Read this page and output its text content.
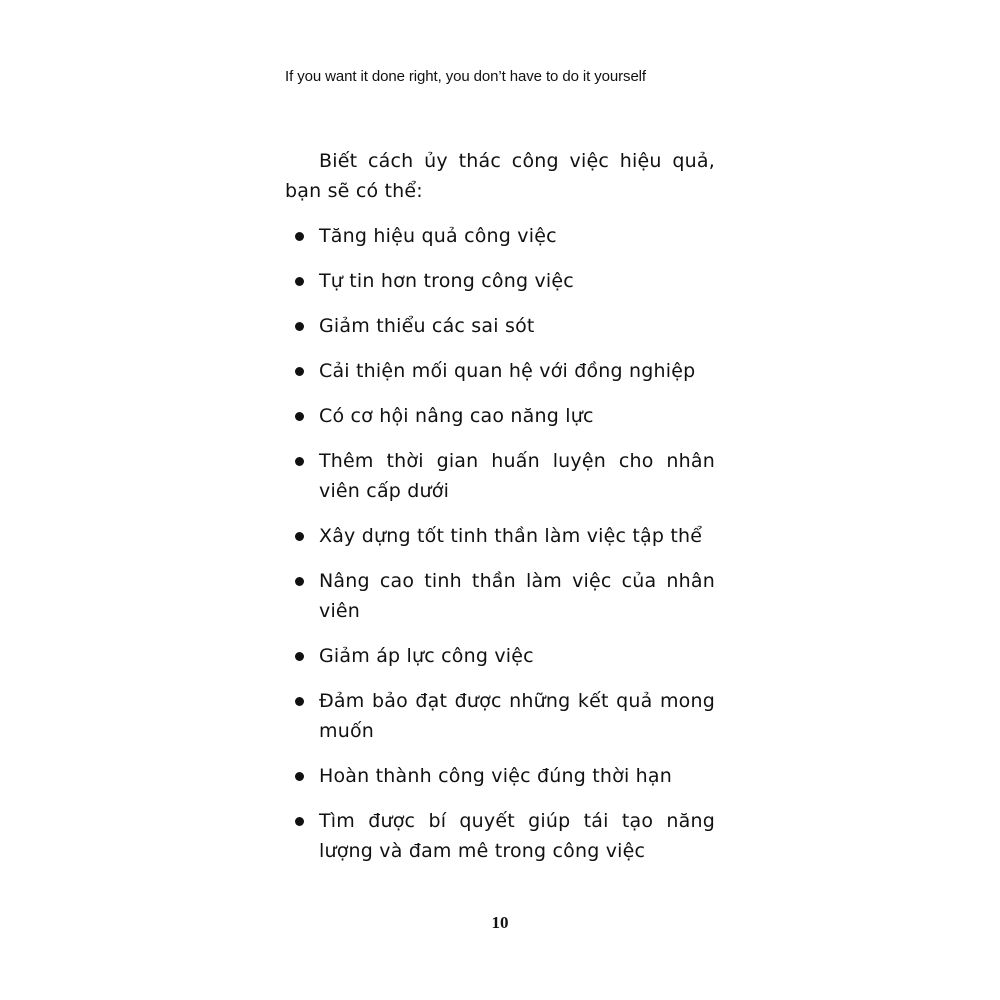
If you want it done right, you don’t have to do it yourself

Biết cách ủy thác công việc hiệu quả, bạn sẽ có thể:

Tăng hiệu quả công việc
Tự tin hơn trong công việc
Giảm thiểu các sai sót
Cải thiện mối quan hệ với đồng nghiệp
Có cơ hội nâng cao năng lực
Thêm thời gian huấn luyện cho nhân viên cấp dưới
Xây dựng tốt tinh thần làm việc tập thể
Nâng cao tinh thần làm việc của nhân viên
Giảm áp lực công việc
Đảm bảo đạt được những kết quả mong muốn
Hoàn thành công việc đúng thời hạn
Tìm được bí quyết giúp tái tạo năng lượng và đam mê trong công việc
10
